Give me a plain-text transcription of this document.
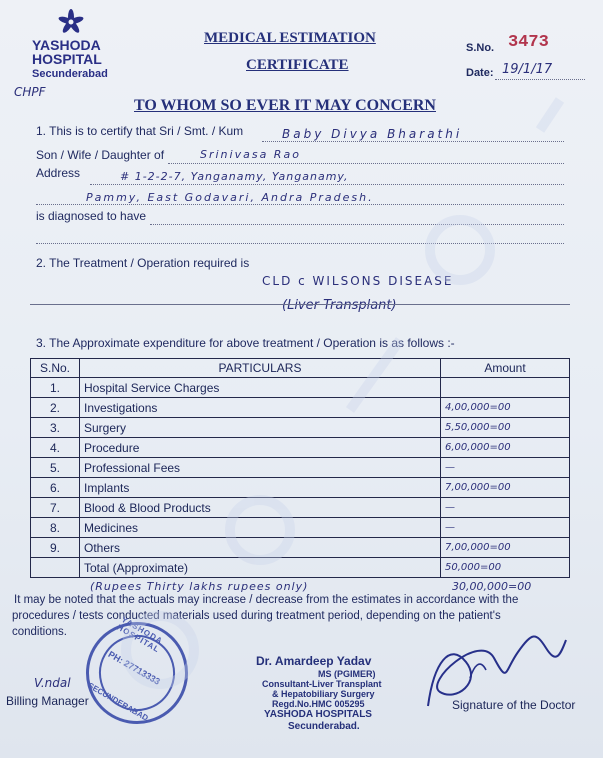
YASHODA
HOSPITAL
Secunderabad
MEDICAL ESTIMATION
CERTIFICATE
S.No. 3473
Date: 19/1/17
CHPF
TO WHOM SO EVER IT MAY CONCERN
1. This is to certify that Sri / Smt. / Kum	Baby Divya Bharathi
Son / Wife / Daughter of	Srinivasa Rao
Address	# 1-2-2-7, Yanganamy, Yanganamy,
Pammy, East Godavari, Andra Pradesh.
is diagnosed to have
2. The Treatment / Operation required is
CLD c WILSONS DISEASE
(Liver Transplant)
3. The Approximate expenditure for above treatment / Operation is as follows :-
S.No.	PARTICULARS	Amount
1.	Hospital Service Charges	
2.	Investigations	4,00,000=00
3.	Surgery	5,50,000=00
4.	Procedure	6,00,000=00
5.	Professional Fees	—
6.	Implants	7,00,000=00
7.	Blood & Blood Products	—
8.	Medicines	—
9.	Others	7,00,000=00
	Total (Approximate)	50,000=00
30,00,000=00
(Rupees Thirty lakhs rupees only)
It may be noted that the actuals may increase / decrease from the estimates in accordance with the
procedures / tests conducted materials used during treatment period, depending on the patient's
conditions.	YASHODA HOSPITAL
PH: 27713333
SECUNDERABAD
Dr. Amardeep Yadav
MS (PGIMER)
Consultant-Liver Transplant
& Hepatobiliary Surgery
Regd.No.HMC 005295
YASHODA HOSPITALS
Secunderabad.
V.ndal
Billing Manager	Signature of the Doctor
